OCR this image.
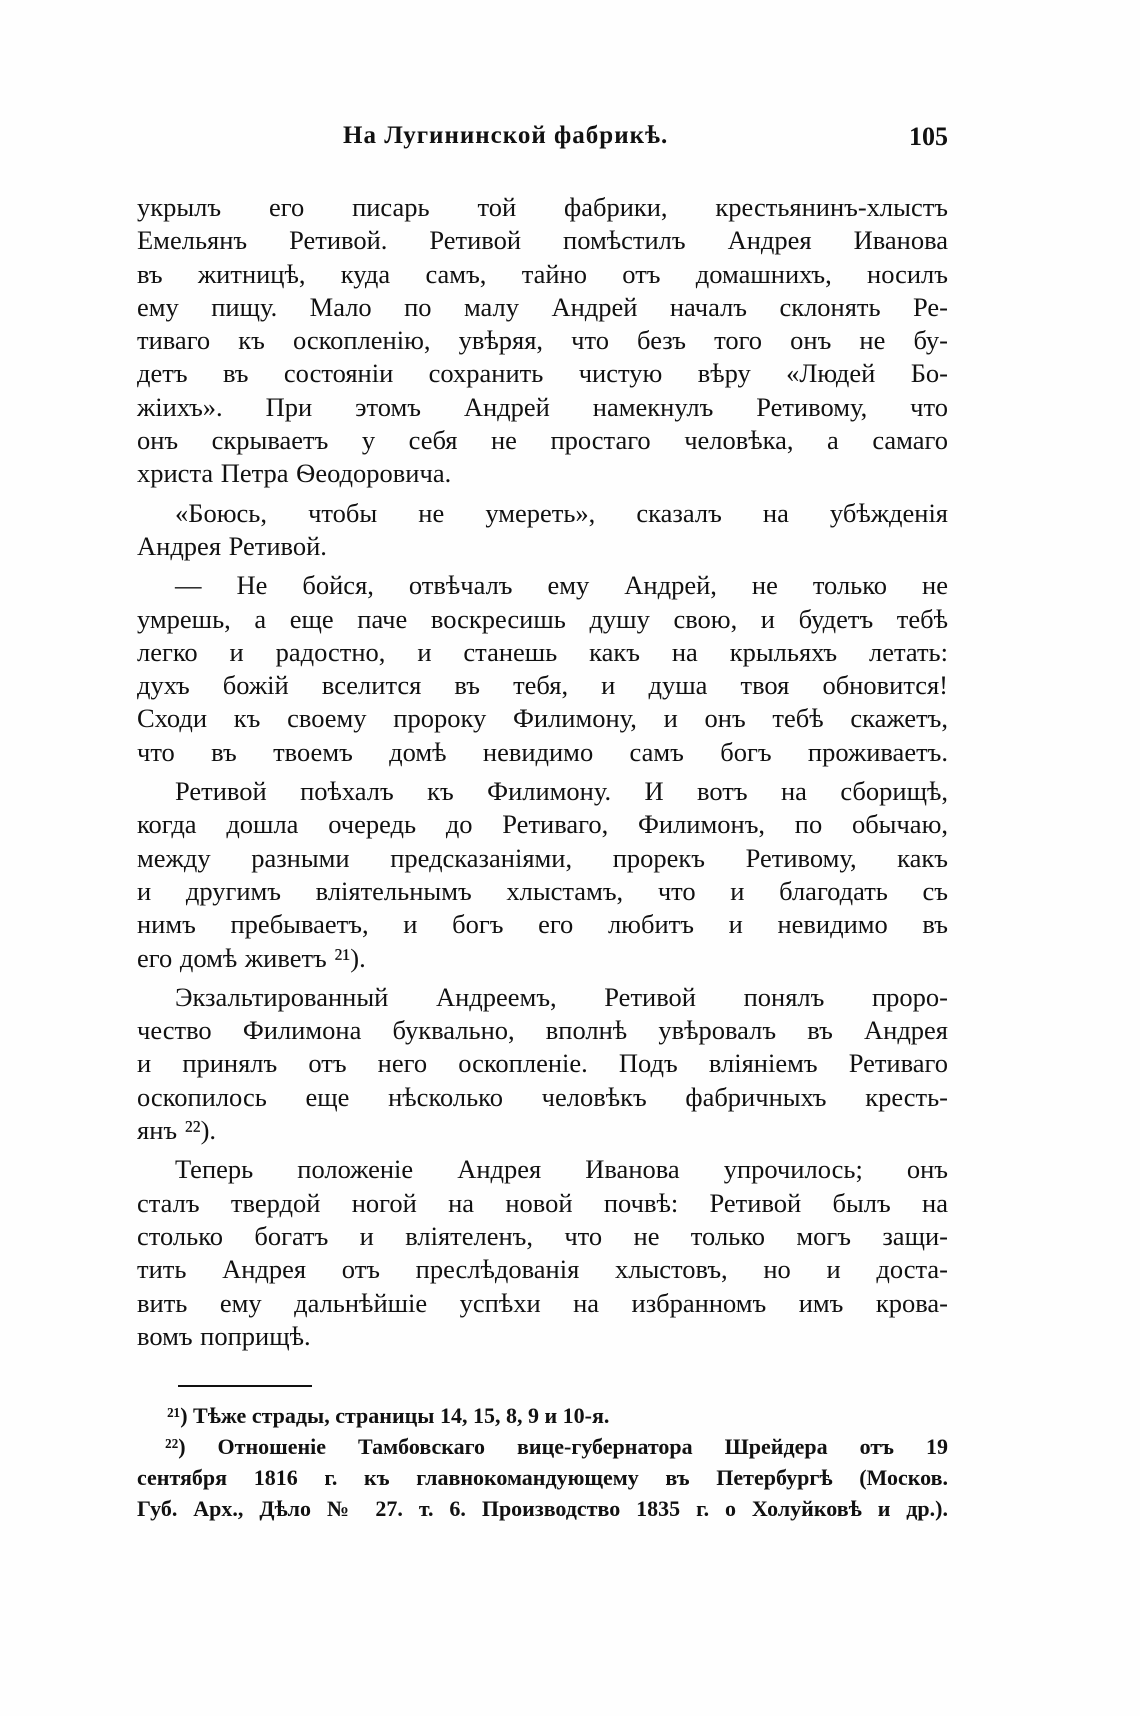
На Лугининской фабрикѣ.	105
укрылъ его писарь той фабрики, крестьянинъ-хлыстъ
Емельянъ Ретивой. Ретивой помѣстилъ Андрея Иванова
въ житницѣ, куда самъ, тайно отъ домашнихъ, носилъ
ему пищу. Мало по малу Андрей началъ склонять Ре-
тиваго къ оскопленію, увѣряя, что безъ того онъ не бу-
детъ въ состояніи сохранить чистую вѣру «Людей Бо-
жіихъ». При этомъ Андрей намекнулъ Ретивому, что
онъ скрываетъ у себя не простаго человѣка, а самаго
христа Петра Ѳеодоровича.
«Боюсь, чтобы не умереть», сказалъ на убѣжденія
Андрея Ретивой.
— Не бойся, отвѣчалъ ему Андрей, не только не
умрешь, а еще паче воскресишь душу свою, и будетъ тебѣ
легко и радостно, и станешь какъ на крыльяхъ летать:
духъ божій вселится въ тебя, и душа твоя обновится!
Сходи къ своему пророку Филимону, и онъ тебѣ скажетъ,
что въ твоемъ домѣ невидимо самъ богъ проживаетъ.
Ретивой поѣхалъ къ Филимону. И вотъ на сборищѣ,
когда дошла очередь до Ретиваго, Филимонъ, по обычаю,
между разными предсказаніями, прорекъ Ретивому, какъ
и другимъ вліятельнымъ хлыстамъ, что и благодать съ
нимъ пребываетъ, и богъ его любитъ и невидимо въ
его домѣ живетъ ²¹).
Экзальтированный Андреемъ, Ретивой понялъ проро-
чество Филимона буквально, вполнѣ увѣровалъ въ Андрея
и принялъ отъ него оскопленіе. Подъ вліяніемъ Ретиваго
оскопилось еще нѣсколько человѣкъ фабричныхъ кресть-
янъ ²²).
Теперь положеніе Андрея Иванова упрочилось; онъ
сталъ твердой ногой на новой почвѣ: Ретивой былъ на
столько богатъ и вліятеленъ, что не только могъ защи-
тить Андрея отъ преслѣдованія хлыстовъ, но и доста-
вить ему дальнѣйшіе успѣхи на избранномъ имъ крова-
вомъ поприщѣ.
²¹) Тѣже страды, страницы 14, 15, 8, 9 и 10-я.
²²) Отношеніе Тамбовскаго вице-губернатора Шрейдера отъ 19
сентября 1816 г. къ главнокомандующему въ Петербургѣ (Москов.
Губ. Арх., Дѣло № 27. т. 6. Производство 1835 г. о Холуйковѣ и др.).
